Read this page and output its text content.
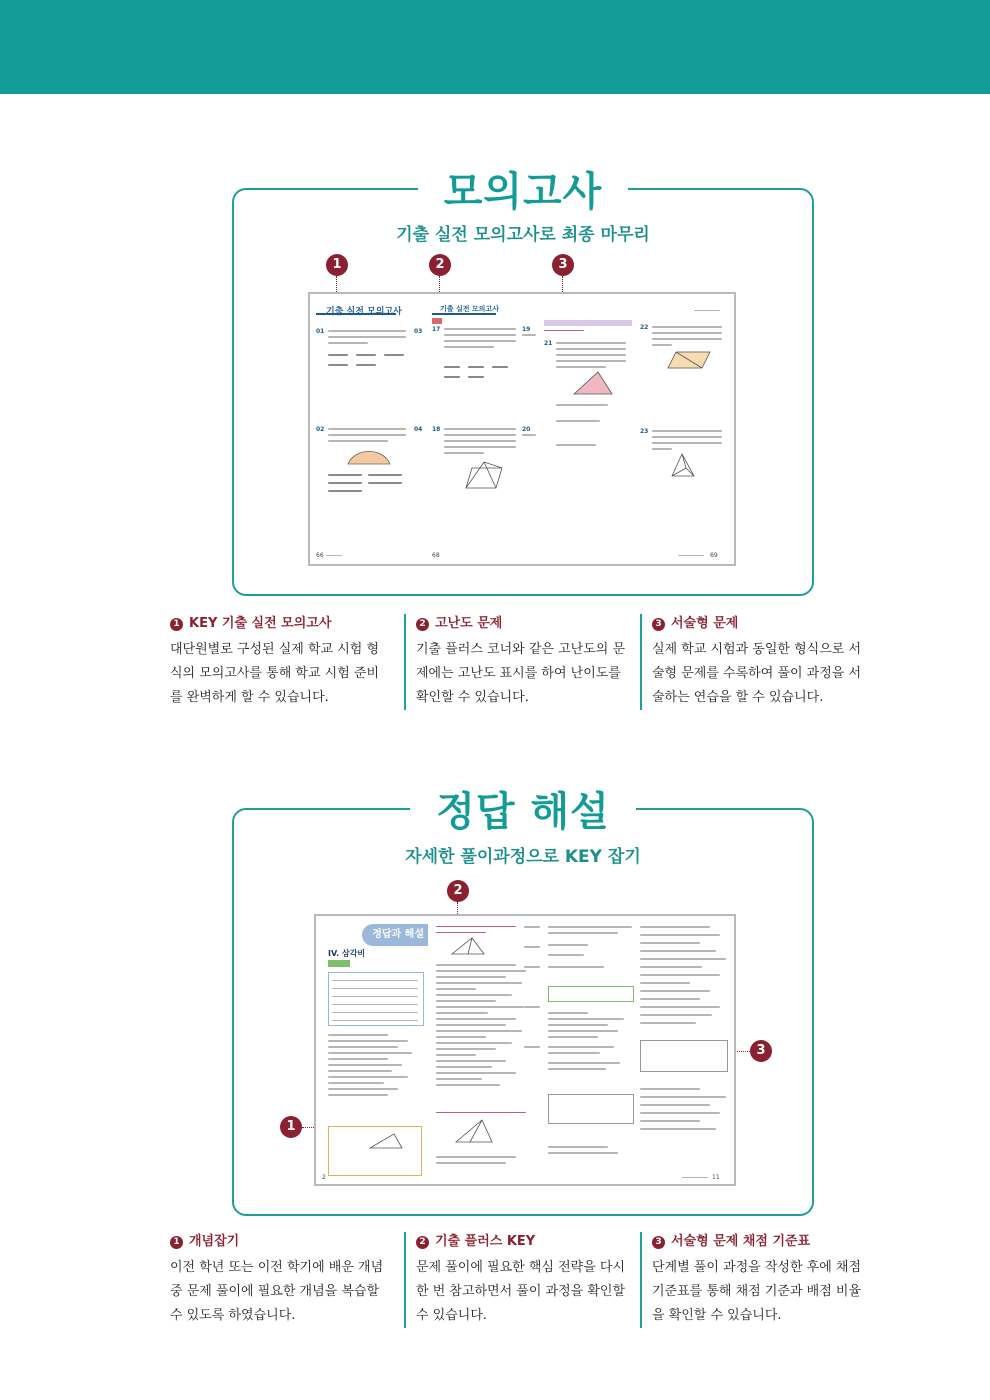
모의고사
기출 실전 모의고사로 최종 마무리
1	2	3
기출 실전 모의고사
01
02
66
03
04
기출 실전 모의고사
17
18
68
19
20
21
22
23
69
1 KEY 기출 실전 모의고사
대단원별로 구성된 실제 학교 시험 형식의 모의고사를 통해 학교 시험 준비를 완벽하게 할 수 있습니다.
2 고난도 문제
기출 플러스 코너와 같은 고난도의 문제에는 고난도 표시를 하여 난이도를 확인할 수 있습니다.
3 서술형 문제
실제 학교 시험과 동일한 형식으로 서술형 문제를 수록하여 풀이 과정을 서술하는 연습을 할 수 있습니다.
정답 해설
자세한 풀이과정으로 KEY 잡기
2
1
3
정답과 해설
IV. 삼각비
2	11
1 개념잡기
이전 학년 또는 이전 학기에 배운 개념 중 문제 풀이에 필요한 개념을 복습할 수 있도록 하였습니다.
2 기출 플러스 KEY
문제 풀이에 필요한 핵심 전략을 다시 한 번 참고하면서 풀이 과정을 확인할 수 있습니다.
3 서술형 문제 채점 기준표
단계별 풀이 과정을 작성한 후에 채점 기준표를 통해 채점 기준과 배점 비율을 확인할 수 있습니다.
